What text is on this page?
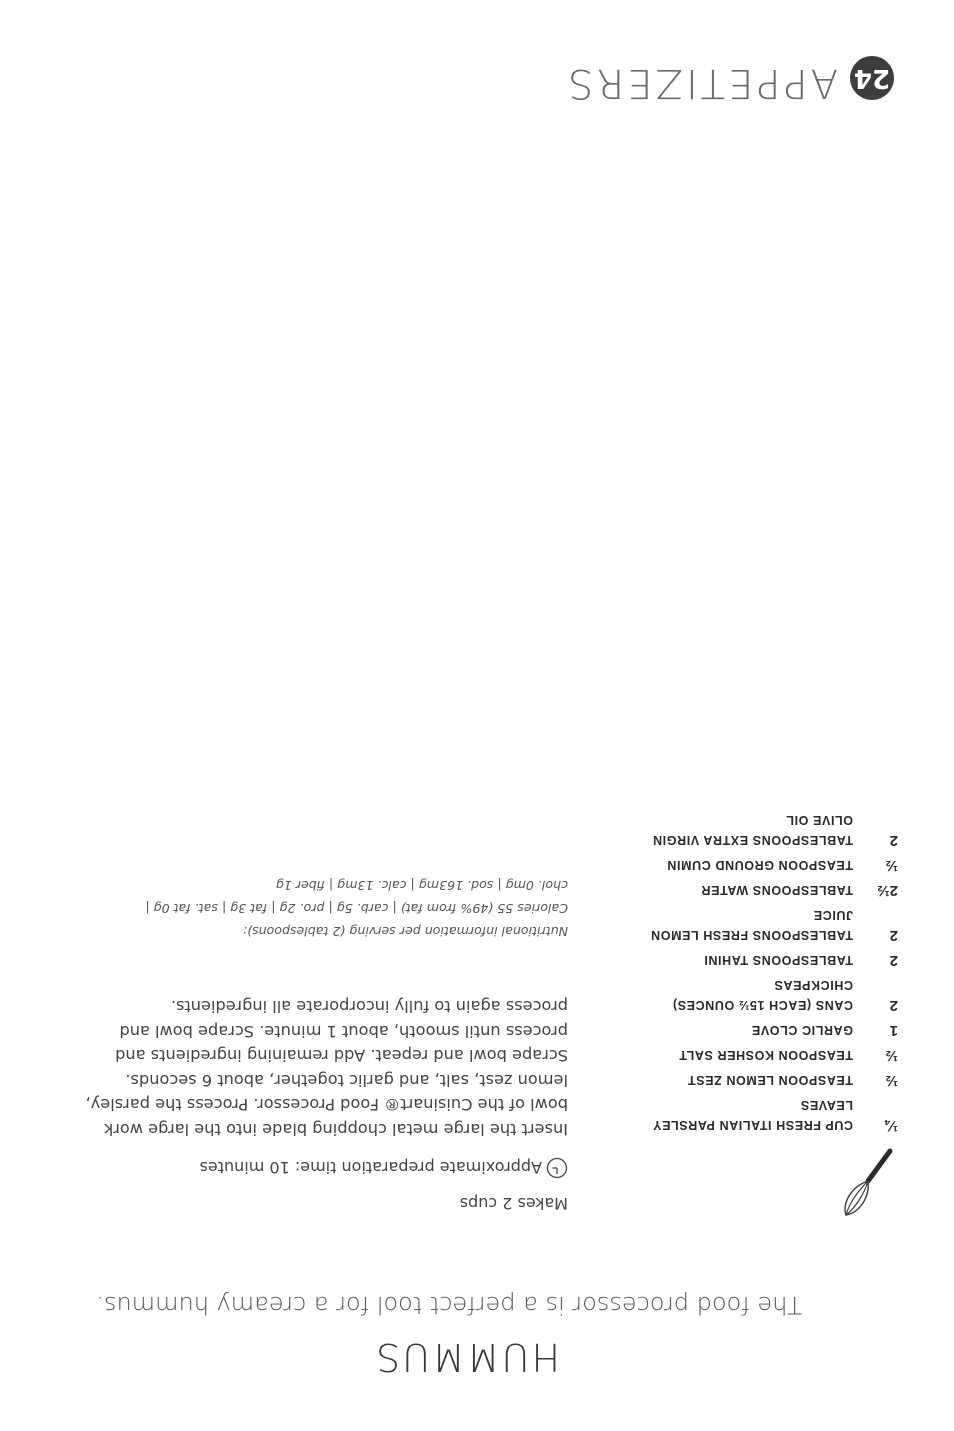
24
APPETIZERS
HUMMUS
The food processor is a perfect tool for a creamy hummus.
¼
CUP FRESH ITALIAN PARSLEY LEAVES
½
TEASPOON LEMON ZEST
½
TEASPOON KOSHER SALT
1
GARLIC CLOVE
2
CANS (EACH 15½ OUNCES) CHICKPEAS
2
TABLESPOONS TAHINI
2
TABLESPOONS FRESH LEMON JUICE
2½
TABLESPOONS WATER
½
TEASPOON GROUND CUMIN
2
TABLESPOONS EXTRA VIRGIN OLIVE OIL
Makes 2 cups
Approximate preparation time: 10 minutes

Insert the large metal chopping blade into the large work bowl of the Cuisinart® Food Processor. Process the parsley, lemon zest, salt, and garlic together, about 6 seconds. Scrape bowl and repeat. Add remaining ingredients and process until smooth, about 1 minute. Scrape bowl and process again to fully incorporate all ingredients.

Nutritional information per serving (2 tablespoons):
Calories 55 (49% from fat) | carb. 5g | pro. 2g | fat 3g | sat. fat 0g | chol. 0mg | sod. 163mg | calc. 13mg | fiber 1g
